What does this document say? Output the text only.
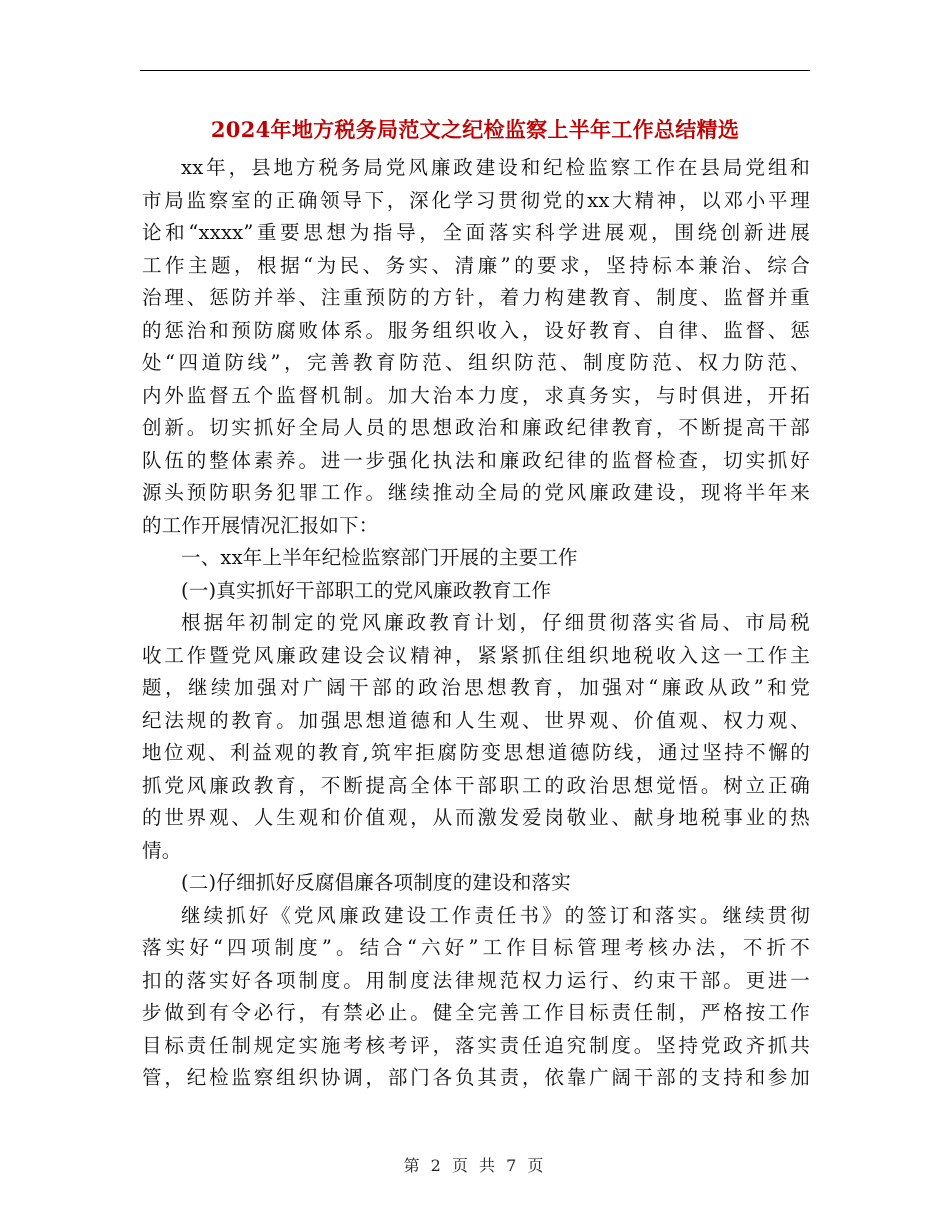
2024年地方税务局范文之纪检监察上半年工作总结精选
xx年，县地方税务局党风廉政建设和纪检监察工作在县局党组和
市局监察室的正确领导下，深化学习贯彻党的xx大精神，以邓小平理
论和“xxxx”重要思想为指导，全面落实科学进展观，围绕创新进展
工作主题，根据“为民、务实、清廉”的要求，坚持标本兼治、综合
治理、惩防并举、注重预防的方针，着力构建教育、制度、监督并重
的惩治和预防腐败体系。服务组织收入，设好教育、自律、监督、惩
处“四道防线”，完善教育防范、组织防范、制度防范、权力防范、
内外监督五个监督机制。加大治本力度，求真务实，与时俱进，开拓
创新。切实抓好全局人员的思想政治和廉政纪律教育，不断提高干部
队伍的整体素养。进一步强化执法和廉政纪律的监督检查，切实抓好
源头预防职务犯罪工作。继续推动全局的党风廉政建设，现将半年来
的工作开展情况汇报如下：
一、xx年上半年纪检监察部门开展的主要工作
(一)真实抓好干部职工的党风廉政教育工作
根据年初制定的党风廉政教育计划，仔细贯彻落实省局、市局税
收工作暨党风廉政建设会议精神，紧紧抓住组织地税收入这一工作主
题，继续加强对广阔干部的政治思想教育，加强对“廉政从政”和党
纪法规的教育。加强思想道德和人生观、世界观、价值观、权力观、
地位观、利益观的教育,筑牢拒腐防变思想道德防线，通过坚持不懈的
抓党风廉政教育，不断提高全体干部职工的政治思想觉悟。树立正确
的世界观、人生观和价值观，从而激发爱岗敬业、献身地税事业的热
情。
(二)仔细抓好反腐倡廉各项制度的建设和落实
继续抓好《党风廉政建设工作责任书》的签订和落实。继续贯彻
落实好“四项制度”。结合“六好”工作目标管理考核办法，不折不
扣的落实好各项制度。用制度法律规范权力运行、约束干部。更进一
步做到有令必行，有禁必止。健全完善工作目标责任制，严格按工作
目标责任制规定实施考核考评，落实责任追究制度。坚持党政齐抓共
管，纪检监察组织协调，部门各负其责，依靠广阔干部的支持和参加
第 2 页 共 7 页
